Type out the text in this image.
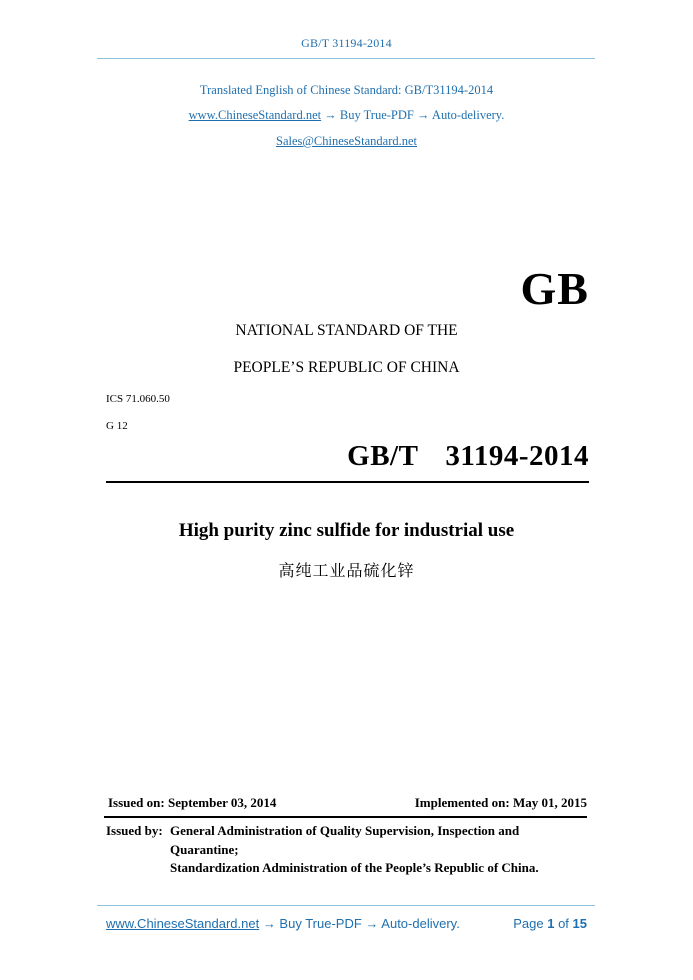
GB/T 31194-2014
Translated English of Chinese Standard: GB/T31194-2014
www.ChineseStandard.net → Buy True-PDF → Auto-delivery.
Sales@ChineseStandard.net
GB
NATIONAL STANDARD OF THE
PEOPLE’S REPUBLIC OF CHINA
ICS 71.060.50
G 12
GB/T  31194-2014
High purity zinc sulfide for industrial use
高纯工业品硫化锌
Issued on: September 03, 2014	Implemented on: May 01, 2015
Issued by: General Administration of Quality Supervision, Inspection and
Quarantine;
Standardization Administration of the People’s Republic of China.
www.ChineseStandard.net → Buy True-PDF → Auto-delivery.	Page 1 of 15
